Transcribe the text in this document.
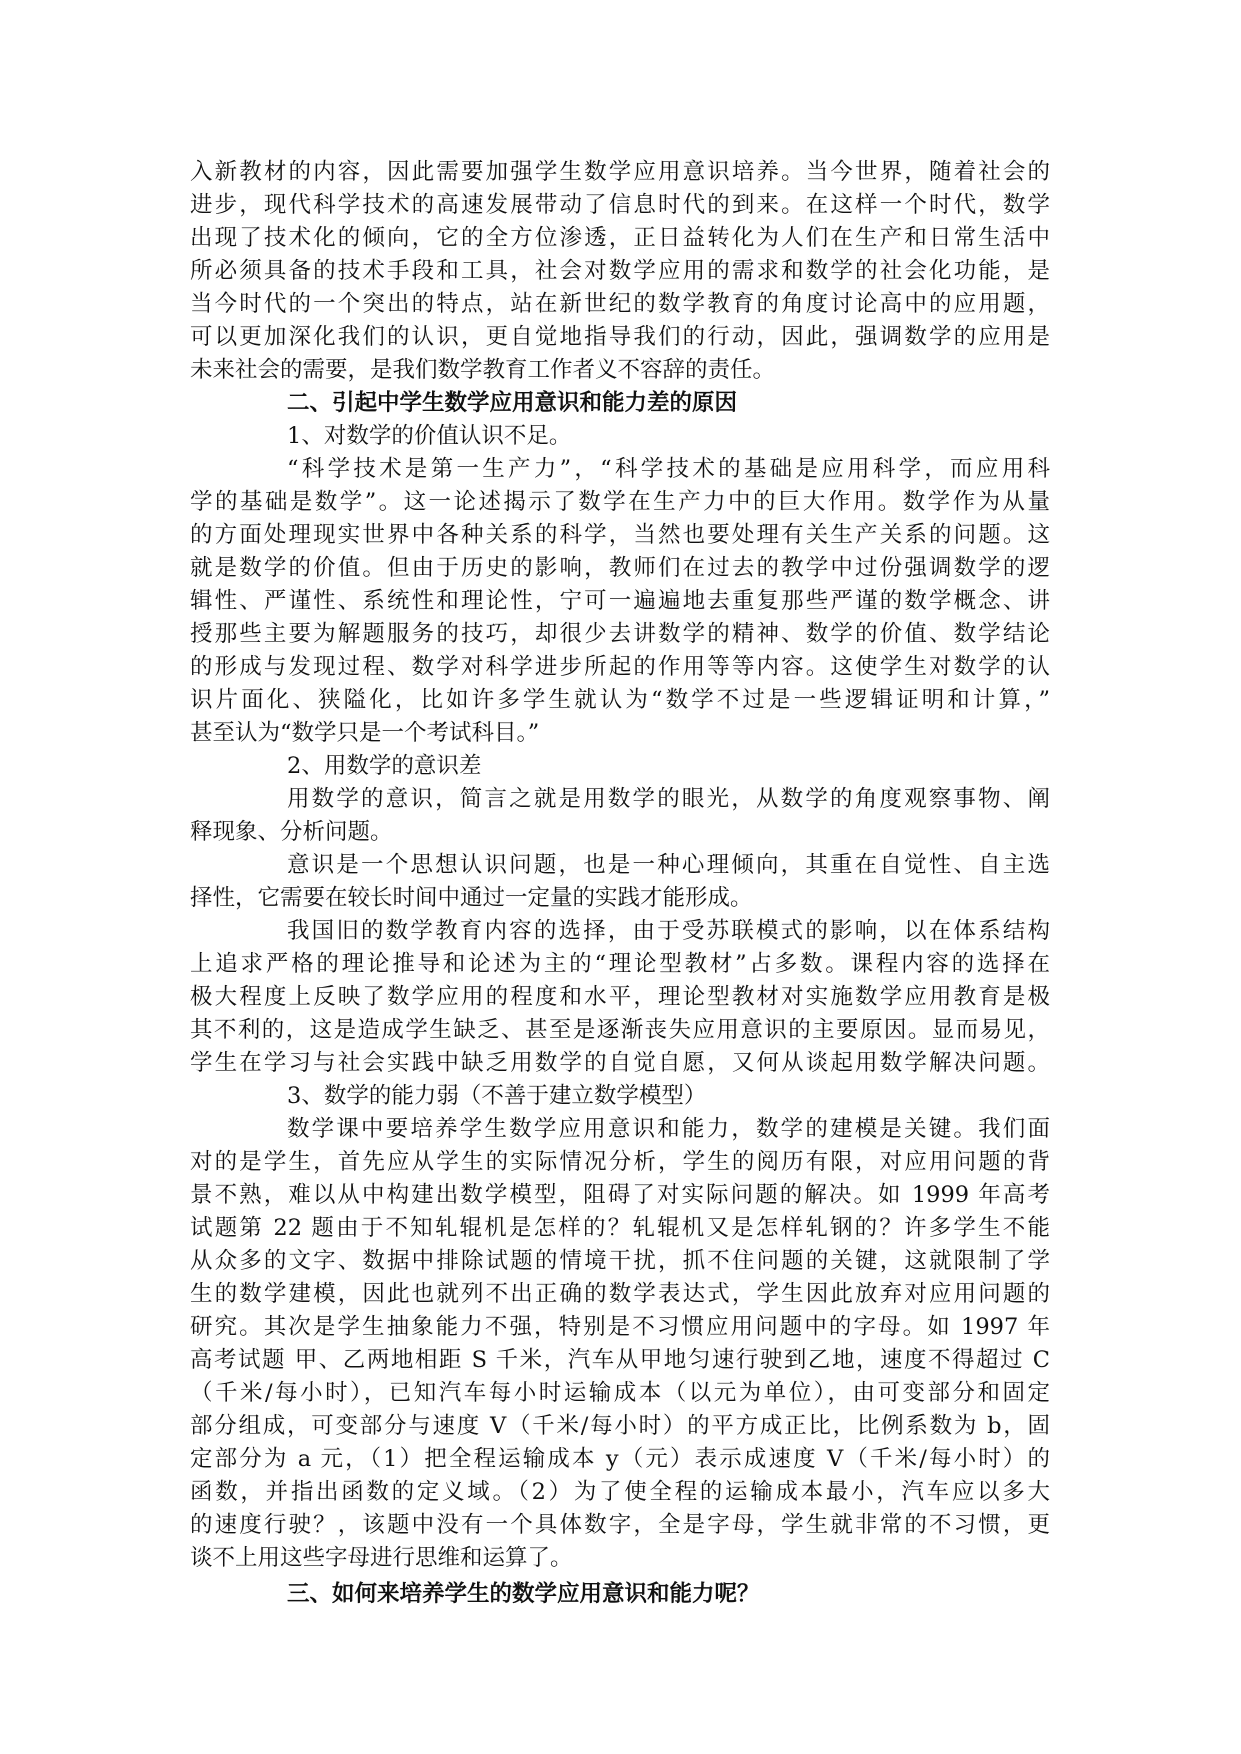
入新教材的内容，因此需要加强学生数学应用意识培养。当今世界，随着社会的
进步，现代科学技术的高速发展带动了信息时代的到来。在这样一个时代，数学
出现了技术化的倾向，它的全方位渗透，正日益转化为人们在生产和日常生活中
所必须具备的技术手段和工具，社会对数学应用的需求和数学的社会化功能，是
当今时代的一个突出的特点，站在新世纪的数学教育的角度讨论高中的应用题，
可以更加深化我们的认识，更自觉地指导我们的行动，因此，强调数学的应用是
未来社会的需要，是我们数学教育工作者义不容辞的责任。
二、引起中学生数学应用意识和能力差的原因
1、对数学的价值认识不足。
“科学技术是第一生产力”，“科学技术的基础是应用科学，而应用科
学的基础是数学”。这一论述揭示了数学在生产力中的巨大作用。数学作为从量
的方面处理现实世界中各种关系的科学，当然也要处理有关生产关系的问题。这
就是数学的价值。但由于历史的影响，教师们在过去的教学中过份强调数学的逻
辑性、严谨性、系统性和理论性，宁可一遍遍地去重复那些严谨的数学概念、讲
授那些主要为解题服务的技巧，却很少去讲数学的精神、数学的价值、数学结论
的形成与发现过程、数学对科学进步所起的作用等等内容。这使学生对数学的认
识片面化、狭隘化，比如许多学生就认为“数学不过是一些逻辑证明和计算，”
甚至认为“数学只是一个考试科目。”
2、用数学的意识差
用数学的意识，简言之就是用数学的眼光，从数学的角度观察事物、阐
释现象、分析问题。
意识是一个思想认识问题，也是一种心理倾向，其重在自觉性、自主选
择性，它需要在较长时间中通过一定量的实践才能形成。
我国旧的数学教育内容的选择，由于受苏联模式的影响，以在体系结构
上追求严格的理论推导和论述为主的“理论型教材”占多数。课程内容的选择在
极大程度上反映了数学应用的程度和水平，理论型教材对实施数学应用教育是极
其不利的，这是造成学生缺乏、甚至是逐渐丧失应用意识的主要原因。显而易见，
学生在学习与社会实践中缺乏用数学的自觉自愿，又何从谈起用数学解决问题。
3、数学的能力弱（不善于建立数学模型）
数学课中要培养学生数学应用意识和能力，数学的建模是关键。我们面
对的是学生，首先应从学生的实际情况分析，学生的阅历有限，对应用问题的背
景不熟，难以从中构建出数学模型，阻碍了对实际问题的解决。如 1999 年高考
试题第 22 题由于不知轧辊机是怎样的？轧辊机又是怎样轧钢的？许多学生不能
从众多的文字、数据中排除试题的情境干扰，抓不住问题的关键，这就限制了学
生的数学建模，因此也就列不出正确的数学表达式，学生因此放弃对应用问题的
研究。其次是学生抽象能力不强，特别是不习惯应用问题中的字母。如 1997 年
高考试题 甲、乙两地相距 S 千米，汽车从甲地匀速行驶到乙地，速度不得超过 C
（千米/每小时），已知汽车每小时运输成本（以元为单位），由可变部分和固定
部分组成，可变部分与速度 V（千米/每小时）的平方成正比，比例系数为 b，固
定部分为 a 元，（1）把全程运输成本 y（元）表示成速度 V（千米/每小时）的
函数，并指出函数的定义域。（2）为了使全程的运输成本最小，汽车应以多大
的速度行驶？，该题中没有一个具体数字，全是字母，学生就非常的不习惯，更
谈不上用这些字母进行思维和运算了。
三、如何来培养学生的数学应用意识和能力呢？
